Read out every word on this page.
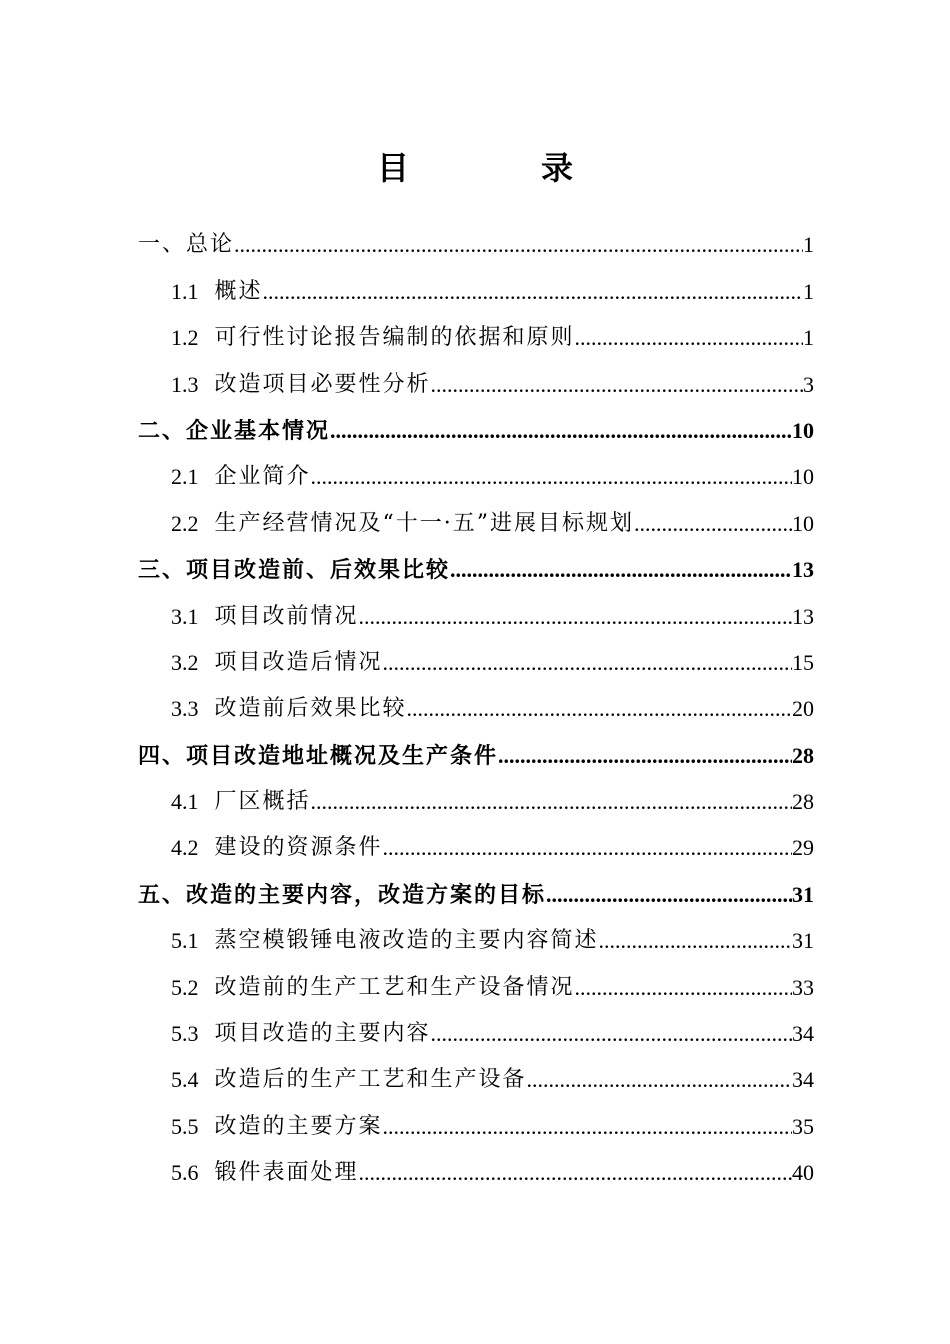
目　录
一、总论 .....	1
1.1 概述 .....	1
1.2 可行性讨论报告编制的依据和原则 .....	1
1.3 改造项目必要性分析 .....	3
二、企业基本情况 .....	10
2.1 企业简介 .....	10
2.2 生产经营情况及“十一·五”进展目标规划 .....	10
三、项目改造前、后效果比较 .....	13
3.1 项目改前情况 .....	13
3.2 项目改造后情况 .....	15
3.3 改造前后效果比较 .....	20
四、项目改造地址概况及生产条件 .....	28
4.1 厂区概括 .....	28
4.2 建设的资源条件 .....	29
五、改造的主要内容，改造方案的目标 .....	31
5.1 蒸空模锻锤电液改造的主要内容简述 .....	31
5.2 改造前的生产工艺和生产设备情况 .....	33
5.3 项目改造的主要内容 .....	34
5.4 改造后的生产工艺和生产设备 .....	34
5.5 改造的主要方案 .....	35
5.6 锻件表面处理 .....	40
